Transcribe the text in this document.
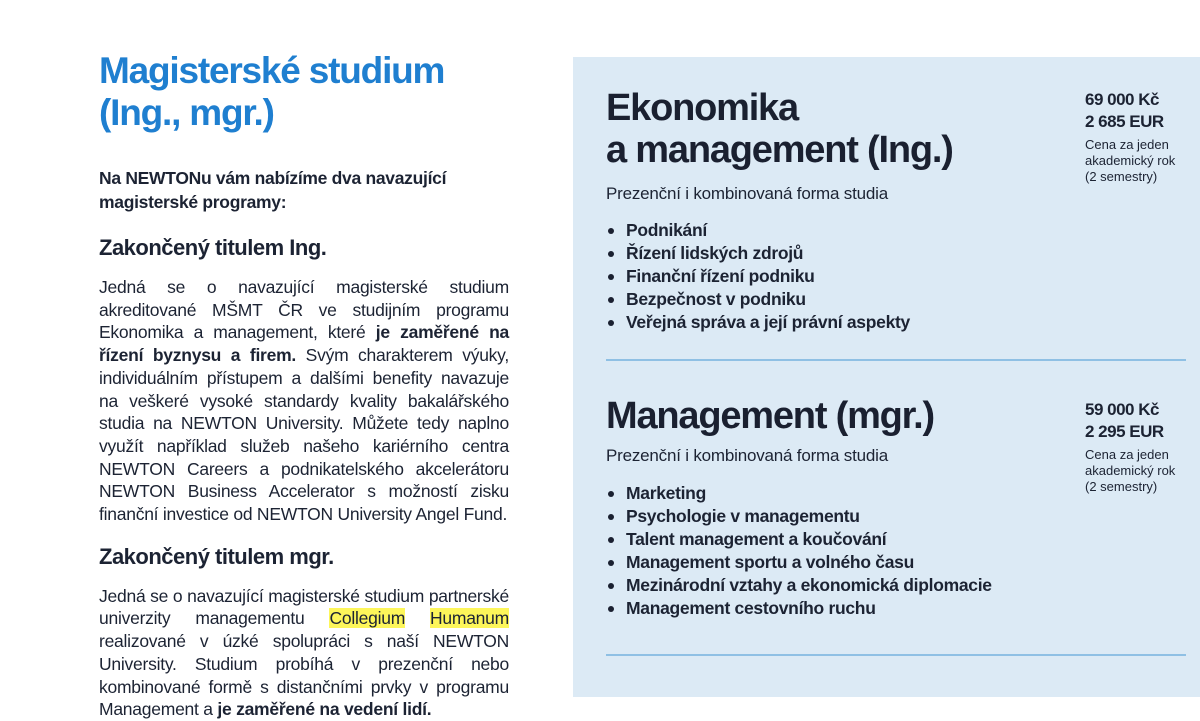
Magisterské studium
(Ing., mgr.)

Na NEWTONu vám nabízíme dva navazující
magisterské programy:

Zakončený titulem Ing.

Jedná se o navazující magisterské studium akreditované MŠMT ČR ve studijním programu Ekonomika a management, které je zaměřené na řízení byznysu a firem. Svým charakterem výuky, individuálním přístupem a dalšími benefity navazuje na veškeré vysoké standardy kvality bakalářského studia na NEWTON University. Můžete tedy naplno využít například služeb našeho kariérního centra NEWTON Careers a podnikatelského akcelerátoru NEWTON Business Accelerator s možností zisku finanční investice od NEWTON University Angel Fund.

Zakončený titulem mgr.

Jedná se o navazující magisterské studium partnerské univerzity managementu Collegium Humanum realizované v úzké spolupráci s naší NEWTON University. Studium probíhá v prezenční nebo kombinované formě s distančními prvky v programu Management a je zaměřené na vedení lidí.

Ekonomika
a management (Ing.)

Prezenční i kombinovaná forma studia

Podnikání
Řízení lidských zdrojů
Finanční řízení podniku
Bezpečnost v podniku
Veřejná správa a její právní aspekty
69 000 Kč
2 685 EUR
Cena za jeden
akademický rok
(2 semestry)
Management (mgr.)

Prezenční i kombinovaná forma studia

Marketing
Psychologie v managementu
Talent management a koučování
Management sportu a volného času
Mezinárodní vztahy a ekonomická diplomacie
Management cestovního ruchu
59 000 Kč
2 295 EUR
Cena za jeden
akademický rok
(2 semestry)
